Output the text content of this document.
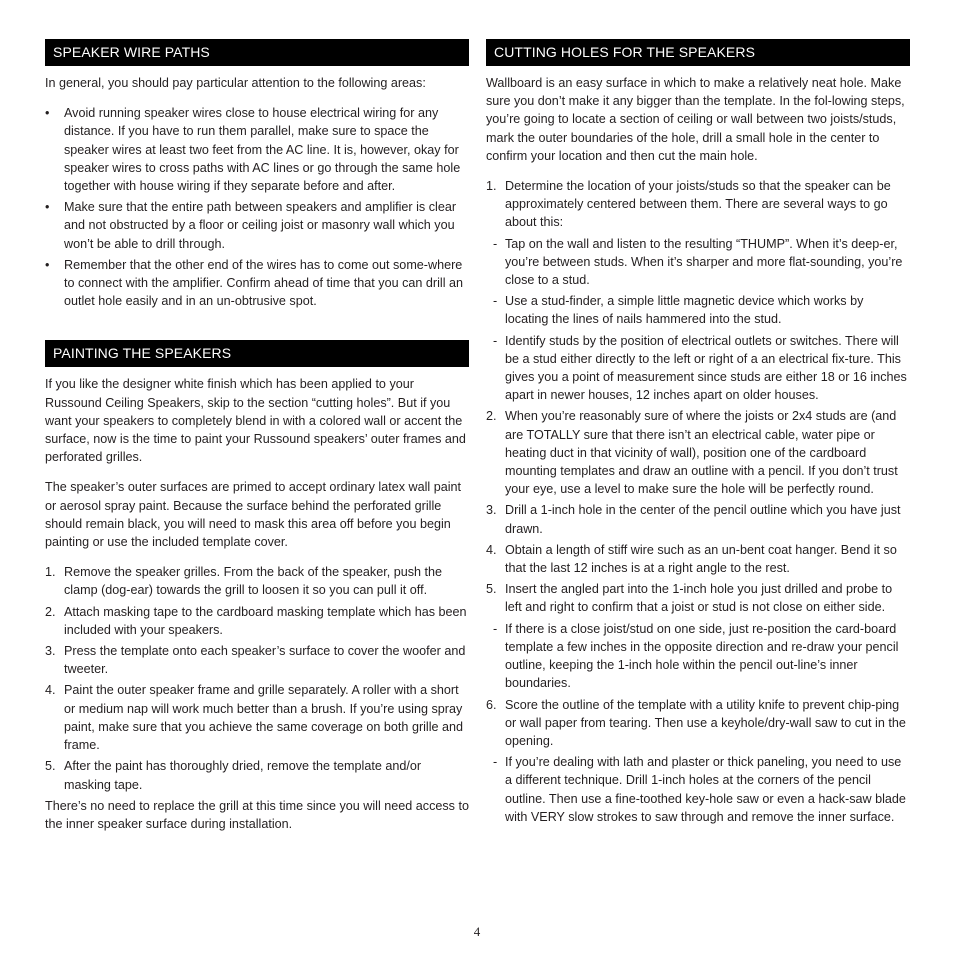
SPEAKER WIRE PATHS

In general, you should pay particular attention to the following areas:

• Avoid running speaker wires close to house electrical wiring for any distance. If you have to run them parallel, make sure to space the speaker wires at least two feet from the AC line. It is, however, okay for speaker wires to cross paths with AC lines or go through the same hole together with house wiring if they separate before and after.
• Make sure that the entire path between speakers and amplifier is clear and not obstructed by a floor or ceiling joist or masonry wall which you won’t be able to drill through.
• Remember that the other end of the wires has to come out some-where to connect with the amplifier. Confirm ahead of time that you can drill an outlet hole easily and in an un-obtrusive spot.
PAINTING THE SPEAKERS

If you like the designer white finish which has been applied to your Russound Ceiling Speakers, skip to the section “cutting holes”. But if you want your speakers to completely blend in with a colored wall or accent the surface, now is the time to paint your Russound speakers’ outer frames and perforated grilles.

The speaker’s outer surfaces are primed to accept ordinary latex wall paint or aerosol spray paint. Because the surface behind the perforated grille should remain black, you will need to mask this area off before you begin painting or use the included template cover.

1. Remove the speaker grilles. From the back of the speaker, push the clamp (dog-ear) towards the grill to loosen it so you can pull it off.
2. Attach masking tape to the cardboard masking template which has been included with your speakers.
3. Press the template onto each speaker’s surface to cover the woofer and tweeter.
4. Paint the outer speaker frame and grille separately. A roller with a short or medium nap will work much better than a brush. If you’re using spray paint, make sure that you achieve the same coverage on both grille and frame.
5. After the paint has thoroughly dried, remove the template and/or masking tape.

There’s no need to replace the grill at this time since you will need access to the inner speaker surface during installation.

CUTTING HOLES FOR THE SPEAKERS

Wallboard is an easy surface in which to make a relatively neat hole. Make sure you don’t make it any bigger than the template. In the fol-lowing steps, you’re going to locate a section of ceiling or wall between two joists/studs, mark the outer boundaries of the hole, drill a small hole in the center to confirm your location and then cut the main hole.

1. Determine the location of your joists/studs so that the speaker can be approximately centered between them. There are several ways to go about this:
- Tap on the wall and listen to the resulting “THUMP”. When it’s deep-er, you’re between studs. When it’s sharper and more flat-sounding, you’re close to a stud.
- Use a stud-finder, a simple little magnetic device which works by locating the lines of nails hammered into the stud.
- Identify studs by the position of electrical outlets or switches. There will be a stud either directly to the left or right of a an electrical fix-ture. This gives you a point of measurement since studs are either 18 or 16 inches apart in newer houses, 12 inches apart on older houses.
2. When you’re reasonably sure of where the joists or 2x4 studs are (and are TOTALLY sure that there isn’t an electrical cable, water pipe or heating duct in that vicinity of wall), position one of the cardboard mounting templates and draw an outline with a pencil. If you don’t trust your eye, use a level to make sure the hole will be perfectly round.
3. Drill a 1-inch hole in the center of the pencil outline which you have just drawn.
4. Obtain a length of stiff wire such as an un-bent coat hanger. Bend it so that the last 12 inches is at a right angle to the rest.
5. Insert the angled part into the 1-inch hole you just drilled and probe to left and right to confirm that a joist or stud is not close on either side.
- If there is a close joist/stud on one side, just re-position the card-board template a few inches in the opposite direction and re-draw your pencil outline, keeping the 1-inch hole within the pencil out-line’s inner boundaries.
6. Score the outline of the template with a utility knife to prevent chip-ping or wall paper from tearing. Then use a keyhole/dry-wall saw to cut in the opening.
- If you’re dealing with lath and plaster or thick paneling, you need to use a different technique. Drill 1-inch holes at the corners of the pencil outline. Then use a fine-toothed key-hole saw or even a hack-saw blade with VERY slow strokes to saw through and remove the inner surface.
4
